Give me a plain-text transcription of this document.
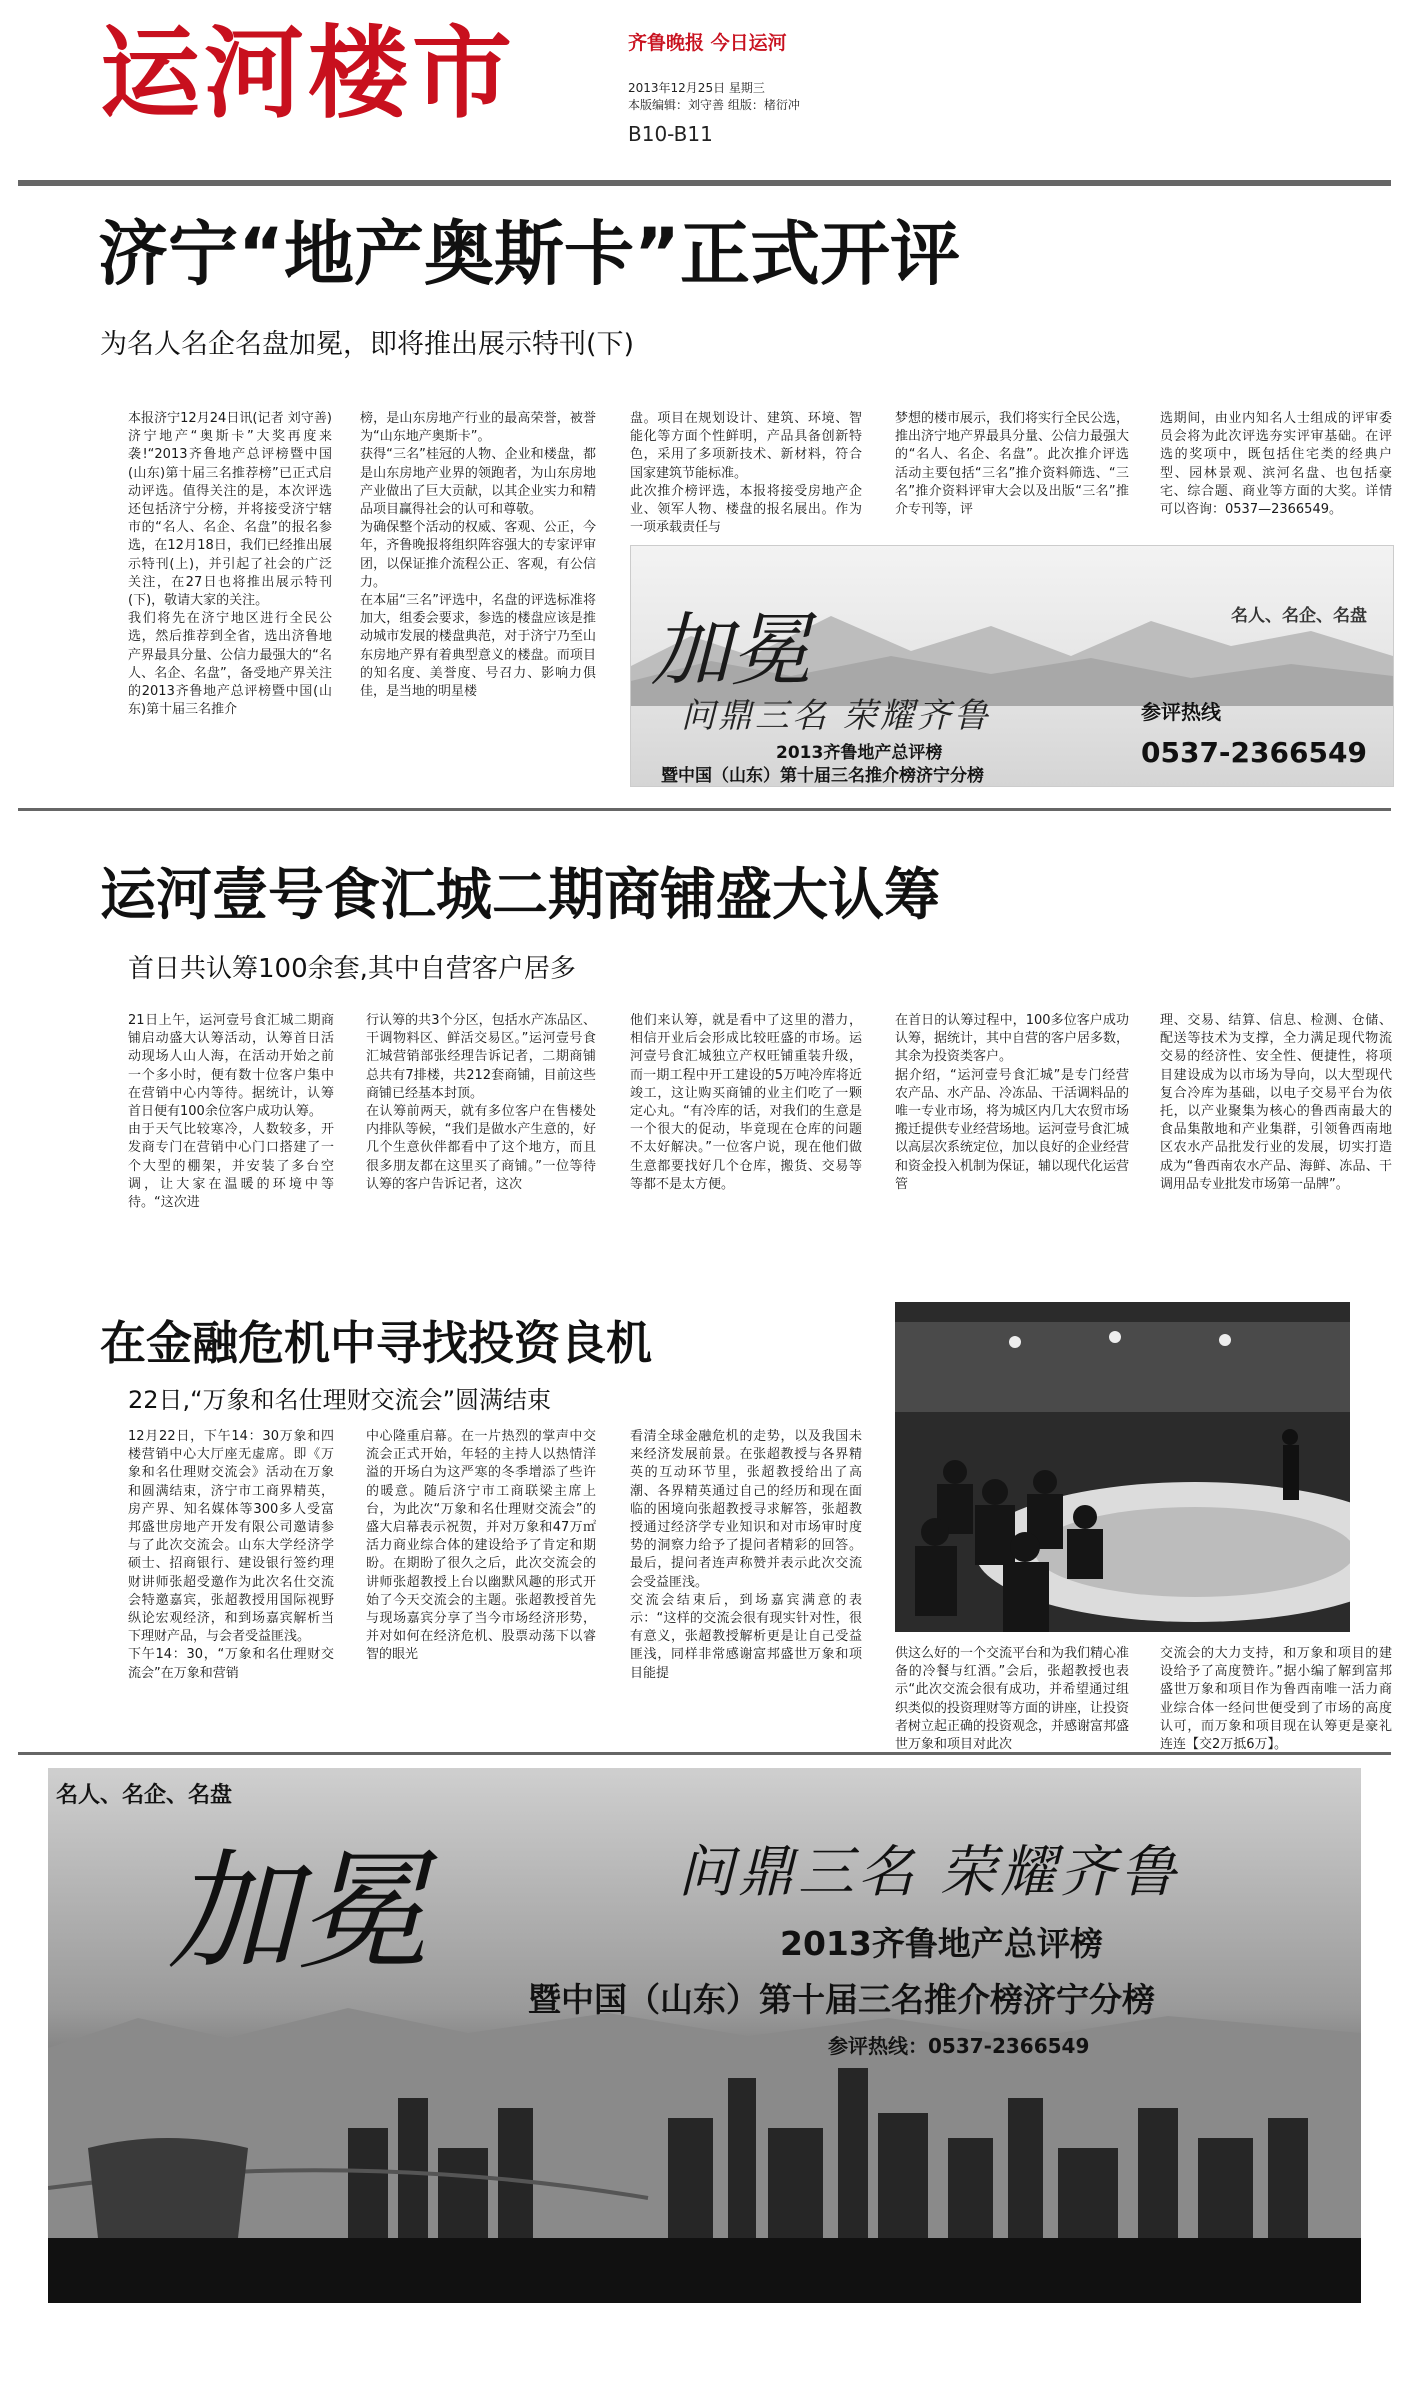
运河楼市	齐鲁晚报 今日运河
2013年12月25日 星期三
本版编辑：刘守善 组版：楮衍冲
B10-B11
济宁“地产奥斯卡”正式开评
为名人名企名盘加冕，即将推出展示特刊(下)
本报济宁12月24日讯(记者 刘守善) 济宁地产“奥斯卡”大奖再度来袭!“2013齐鲁地产总评榜暨中国(山东)第十届三名推荐榜”已正式启动评选。值得关注的是，本次评选还包括济宁分榜，并将接受济宁辖市的“名人、名企、名盘”的报名参选，在12月18日，我们已经推出展示特刊(上)，并引起了社会的广泛关注，在27日也将推出展示特刊(下)，敬请大家的关注。
我们将先在济宁地区进行全民公选，然后推荐到全省，选出济鲁地产界最具分量、公信力最强大的“名人、名企、名盘”，备受地产界关注的2013齐鲁地产总评榜暨中国(山东)第十届三名推介
榜，是山东房地产行业的最高荣誉，被誉为“山东地产奥斯卡”。
获得“三名”桂冠的人物、企业和楼盘，都是山东房地产业界的领跑者，为山东房地产业做出了巨大贡献，以其企业实力和精品项目赢得社会的认可和尊敬。
为确保整个活动的权威、客观、公正，今年，齐鲁晚报将组织阵容强大的专家评审团，以保证推介流程公正、客观，有公信力。
在本届“三名”评选中，名盘的评选标准将加大，组委会要求，参选的楼盘应该是推动城市发展的楼盘典范，对于济宁乃至山东房地产界有着典型意义的楼盘。而项目的知名度、美誉度、号召力、影响力俱佳，是当地的明星楼
盘。项目在规划设计、建筑、环境、智能化等方面个性鲜明，产品具备创新特色，采用了多项新技术、新材料，符合国家建筑节能标准。
此次推介榜评选，本报将接受房地产企业、领军人物、楼盘的报名展出。作为一项承载责任与
梦想的楼市展示，我们将实行全民公选，推出济宁地产界最具分量、公信力最强大的“名人、名企、名盘”。此次推介评选活动主要包括“三名”推介资料筛选、“三名”推介资料评审大会以及出版“三名”推介专刊等，评
选期间，由业内知名人士组成的评审委员会将为此次评选夯实评审基础。在评选的奖项中，既包括住宅类的经典户型、园林景观、滨河名盘、也包括豪宅、综合题、商业等方面的大奖。详情可以咨询：0537—2366549。
名人、名企、名盘
加冕
问鼎三名 荣耀齐鲁	参评热线
0537-2366549
2013齐鲁地产总评榜
暨中国（山东）第十届三名推介榜济宁分榜
运河壹号食汇城二期商铺盛大认筹
首日共认筹100余套,其中自营客户居多
21日上午，运河壹号食汇城二期商铺启动盛大认筹活动，认筹首日活动现场人山人海，在活动开始之前一个多小时，便有数十位客户集中在营销中心内等待。据统计，认筹首日便有100余位客户成功认筹。
由于天气比较寒冷，人数较多，开发商专门在营销中心门口搭建了一个大型的棚架，并安装了多台空调，让大家在温暖的环境中等待。“这次进
行认筹的共3个分区，包括水产冻品区、干调物料区、鲜活交易区。”运河壹号食汇城营销部张经理告诉记者，二期商铺总共有7排楼，共212套商铺，目前这些商铺已经基本封顶。
在认筹前两天，就有多位客户在售楼处内排队等候，“我们是做水产生意的，好几个生意伙伴都看中了这个地方，而且很多朋友都在这里买了商铺。”一位等待认筹的客户告诉记者，这次
他们来认筹，就是看中了这里的潜力，相信开业后会形成比较旺盛的市场。运河壹号食汇城独立产权旺铺重装升级，而一期工程中开工建设的5万吨冷库将近竣工，这让购买商铺的业主们吃了一颗定心丸。“有冷库的话，对我们的生意是一个很大的促动，毕竟现在仓库的问题不太好解决。”一位客户说，现在他们做生意都要找好几个仓库，搬货、交易等等都不是太方便。
在首日的认筹过程中，100多位客户成功认筹，据统计，其中自营的客户居多数，其余为投资类客户。
据介绍，“运河壹号食汇城”是专门经营农产品、水产品、冷冻品、干活调料品的唯一专业市场，将为城区内几大农贸市场搬迁提供专业经营场地。运河壹号食汇城以高层次系统定位，加以良好的企业经营和资金投入机制为保证，辅以现代化运营管
理、交易、结算、信息、检测、仓储、配送等技术为支撑，全力满足现代物流交易的经济性、安全性、便捷性，将项目建设成为以市场为导向，以大型现代复合冷库为基础，以电子交易平台为依托，以产业聚集为核心的鲁西南最大的食品集散地和产业集群，引领鲁西南地区农水产品批发行业的发展，切实打造成为“鲁西南农水产品、海鲜、冻品、干调用品专业批发市场第一品牌”。
在金融危机中寻找投资良机
22日,“万象和名仕理财交流会”圆满结束
12月22日，下午14：30万象和四楼营销中心大厅座无虚席。即《万象和名仕理财交流会》活动在万象和圆满结束，济宁市工商界精英，房产界、知名媒体等300多人受富邦盛世房地产开发有限公司邀请参与了此次交流会。山东大学经济学硕士、招商银行、建设银行签约理财讲师张超受邀作为此次名仕交流会特邀嘉宾，张超教授用国际视野纵论宏观经济，和到场嘉宾解析当下理财产品，与会者受益匪浅。
下午14：30，“万象和名仕理财交流会”在万象和营销
中心隆重启幕。在一片热烈的掌声中交流会正式开始，年轻的主持人以热情洋溢的开场白为这严寒的冬季增添了些许的暖意。随后济宁市工商联梁主席上台，为此次“万象和名仕理财交流会”的盛大启幕表示祝贺，并对万象和47万㎡活力商业综合体的建设给予了肯定和期盼。在期盼了很久之后，此次交流会的讲师张超教授上台以幽默风趣的形式开始了今天交流会的主题。张超教授首先与现场嘉宾分享了当今市场经济形势，并对如何在经济危机、股票动荡下以睿智的眼光
看清全球金融危机的走势，以及我国未来经济发展前景。在张超教授与各界精英的互动环节里，张超教授给出了高潮、各界精英通过自己的经历和现在面临的困境向张超教授寻求解答，张超教授通过经济学专业知识和对市场审时度势的洞察力给予了提问者精彩的回答。最后，提问者连声称赞并表示此次交流会受益匪浅。
交流会结束后，到场嘉宾满意的表示：“这样的交流会很有现实针对性，很有意义，张超教授解析更是让自己受益匪浅，同样非常感谢富邦盛世万象和项目能提
供这么好的一个交流平台和为我们精心准备的冷餐与红酒。”会后，张超教授也表示“此次交流会很有成功，并希望通过组织类似的投资理财等方面的讲座，让投资者树立起正确的投资观念，并感谢富邦盛世万象和项目对此次
交流会的大力支持，和万象和项目的建设给予了高度赞许。”据小编了解到富邦盛世万象和项目作为鲁西南唯一活力商业综合体一经问世便受到了市场的高度认可，而万象和项目现在认筹更是豪礼连连【交2万抵6万】。
名人、名企、名盘
加冕	问鼎三名 荣耀齐鲁
2013齐鲁地产总评榜
暨中国（山东）第十届三名推介榜济宁分榜
参评热线：0537-2366549
